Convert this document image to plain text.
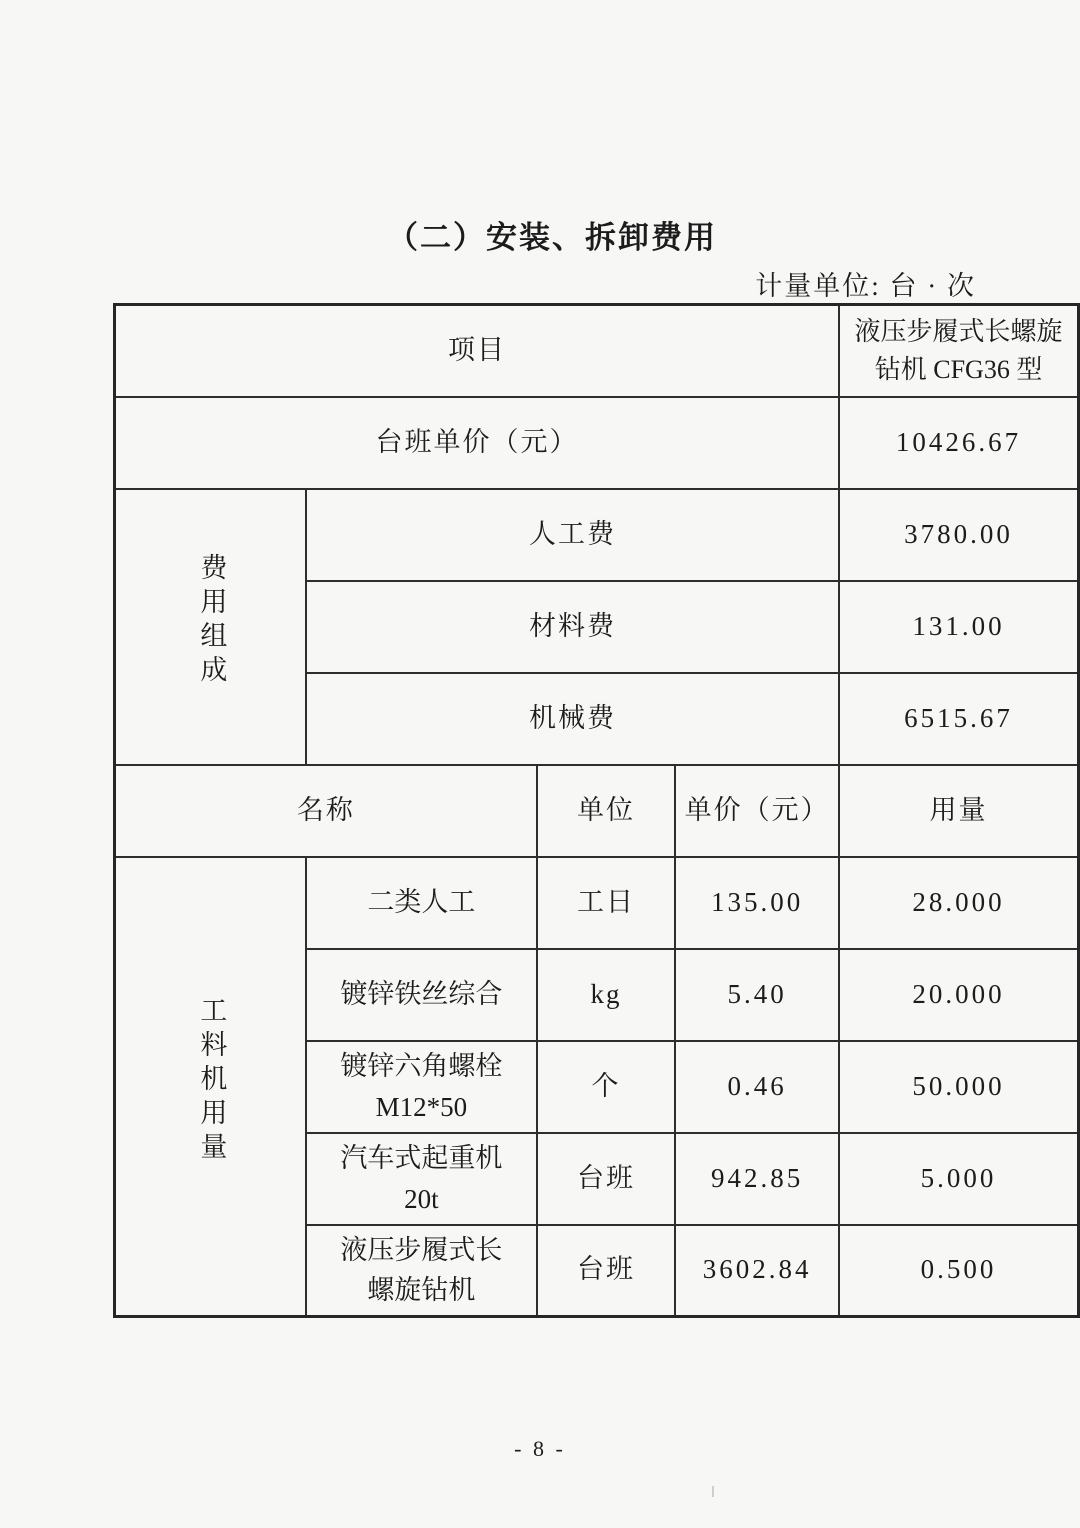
（二）安装、拆卸费用
计量单位: 台 · 次
项目				液压步履式长螺旋钻机 CFG36 型
台班单价（元）				10426.67
费用组成	人工费			3780.00
	材料费			131.00
	机械费			6515.67
名称		单位	单价（元）	用量
工料机用量	二类人工	工日	135.00	28.000
	镀锌铁丝综合	kg	5.40	20.000
	镀锌六角螺栓 M12*50	个	0.46	50.000
	汽车式起重机 20t	台班	942.85	5.000
	液压步履式长螺旋钻机	台班	3602.84	0.500
- 8 -
